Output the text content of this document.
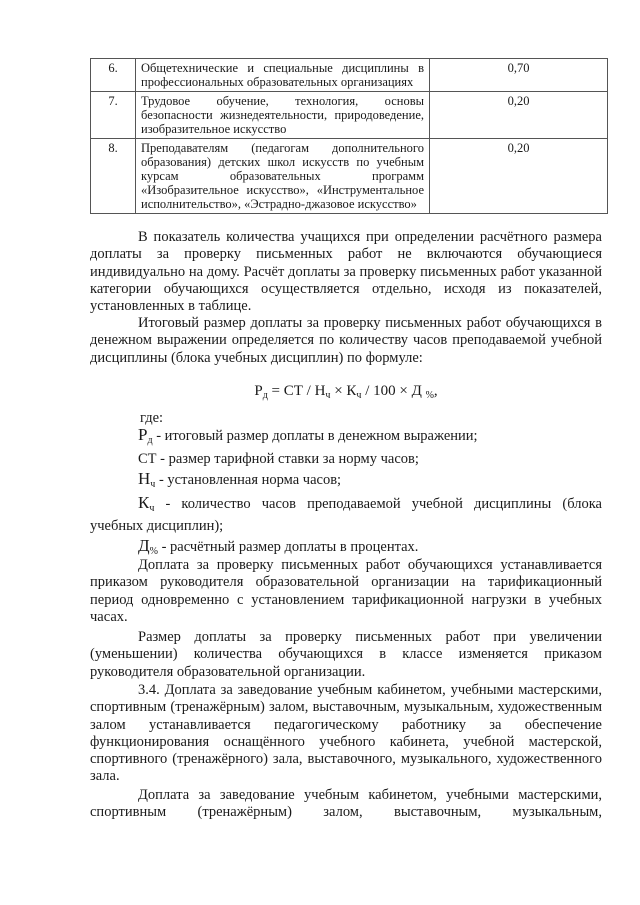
6.	Общетехнические и специальные дисциплины в профессиональных образовательных организациях	0,70
7.	Трудовое обучение, технология, основы безопасности жизнедеятельности, природоведение, изобразительное искусство	0,20
8.	Преподавателям (педагогам дополнительного образования) детских школ искусств по учебным курсам образовательных программ «Изобразительное искусство», «Инструментальное исполнительство», «Эстрадно-джазовое искусство»	0,20

В показатель количества учащихся при определении расчётного размера доплаты за проверку письменных работ не включаются обучающиеся индивидуально на дому. Расчёт доплаты за проверку письменных работ указанной категории обучающихся осуществляется отдельно, исходя из показателей, установленных в таблице.

Итоговый размер доплаты за проверку письменных работ обучающихся в денежном выражении определяется по количеству часов преподаваемой учебной дисциплины (блока учебных дисциплин) по формуле:

$Р_д$ = СТ / $Н_ч \times К_ч / 100 \times Д$ $_{\%}$,
где:
$Р_д$ - итоговый размер доплаты в денежном выражении;
СТ - размер тарифной ставки за норму часов;
$Н_ч$ - установленная норма часов;
$К_ч$ - количество часов преподаваемой учебной дисциплины (блока
учебных дисциплин);
$Д_{\%}$ - расчётный размер доплаты в процентах.

Доплата за проверку письменных работ обучающихся устанавливается приказом руководителя образовательной организации на тарификационный период одновременно с установлением тарификационной нагрузки в учебных часах.

Размер доплаты за проверку письменных работ при увеличении (уменьшении) количества обучающихся в классе изменяется приказом руководителя образовательной организации.

3.4. Доплата за заведование учебным кабинетом, учебными мастерскими, спортивным (тренажёрным) залом, выставочным, музыкальным, художественным залом устанавливается педагогическому работнику за обеспечение функционирования оснащённого учебного кабинета, учебной мастерской, спортивного (тренажёрного) зала, выставочного, музыкального, художественного зала.

Доплата за заведование учебным кабинетом, учебными мастерскими, спортивным (тренажёрным) залом, выставочным, музыкальным,
